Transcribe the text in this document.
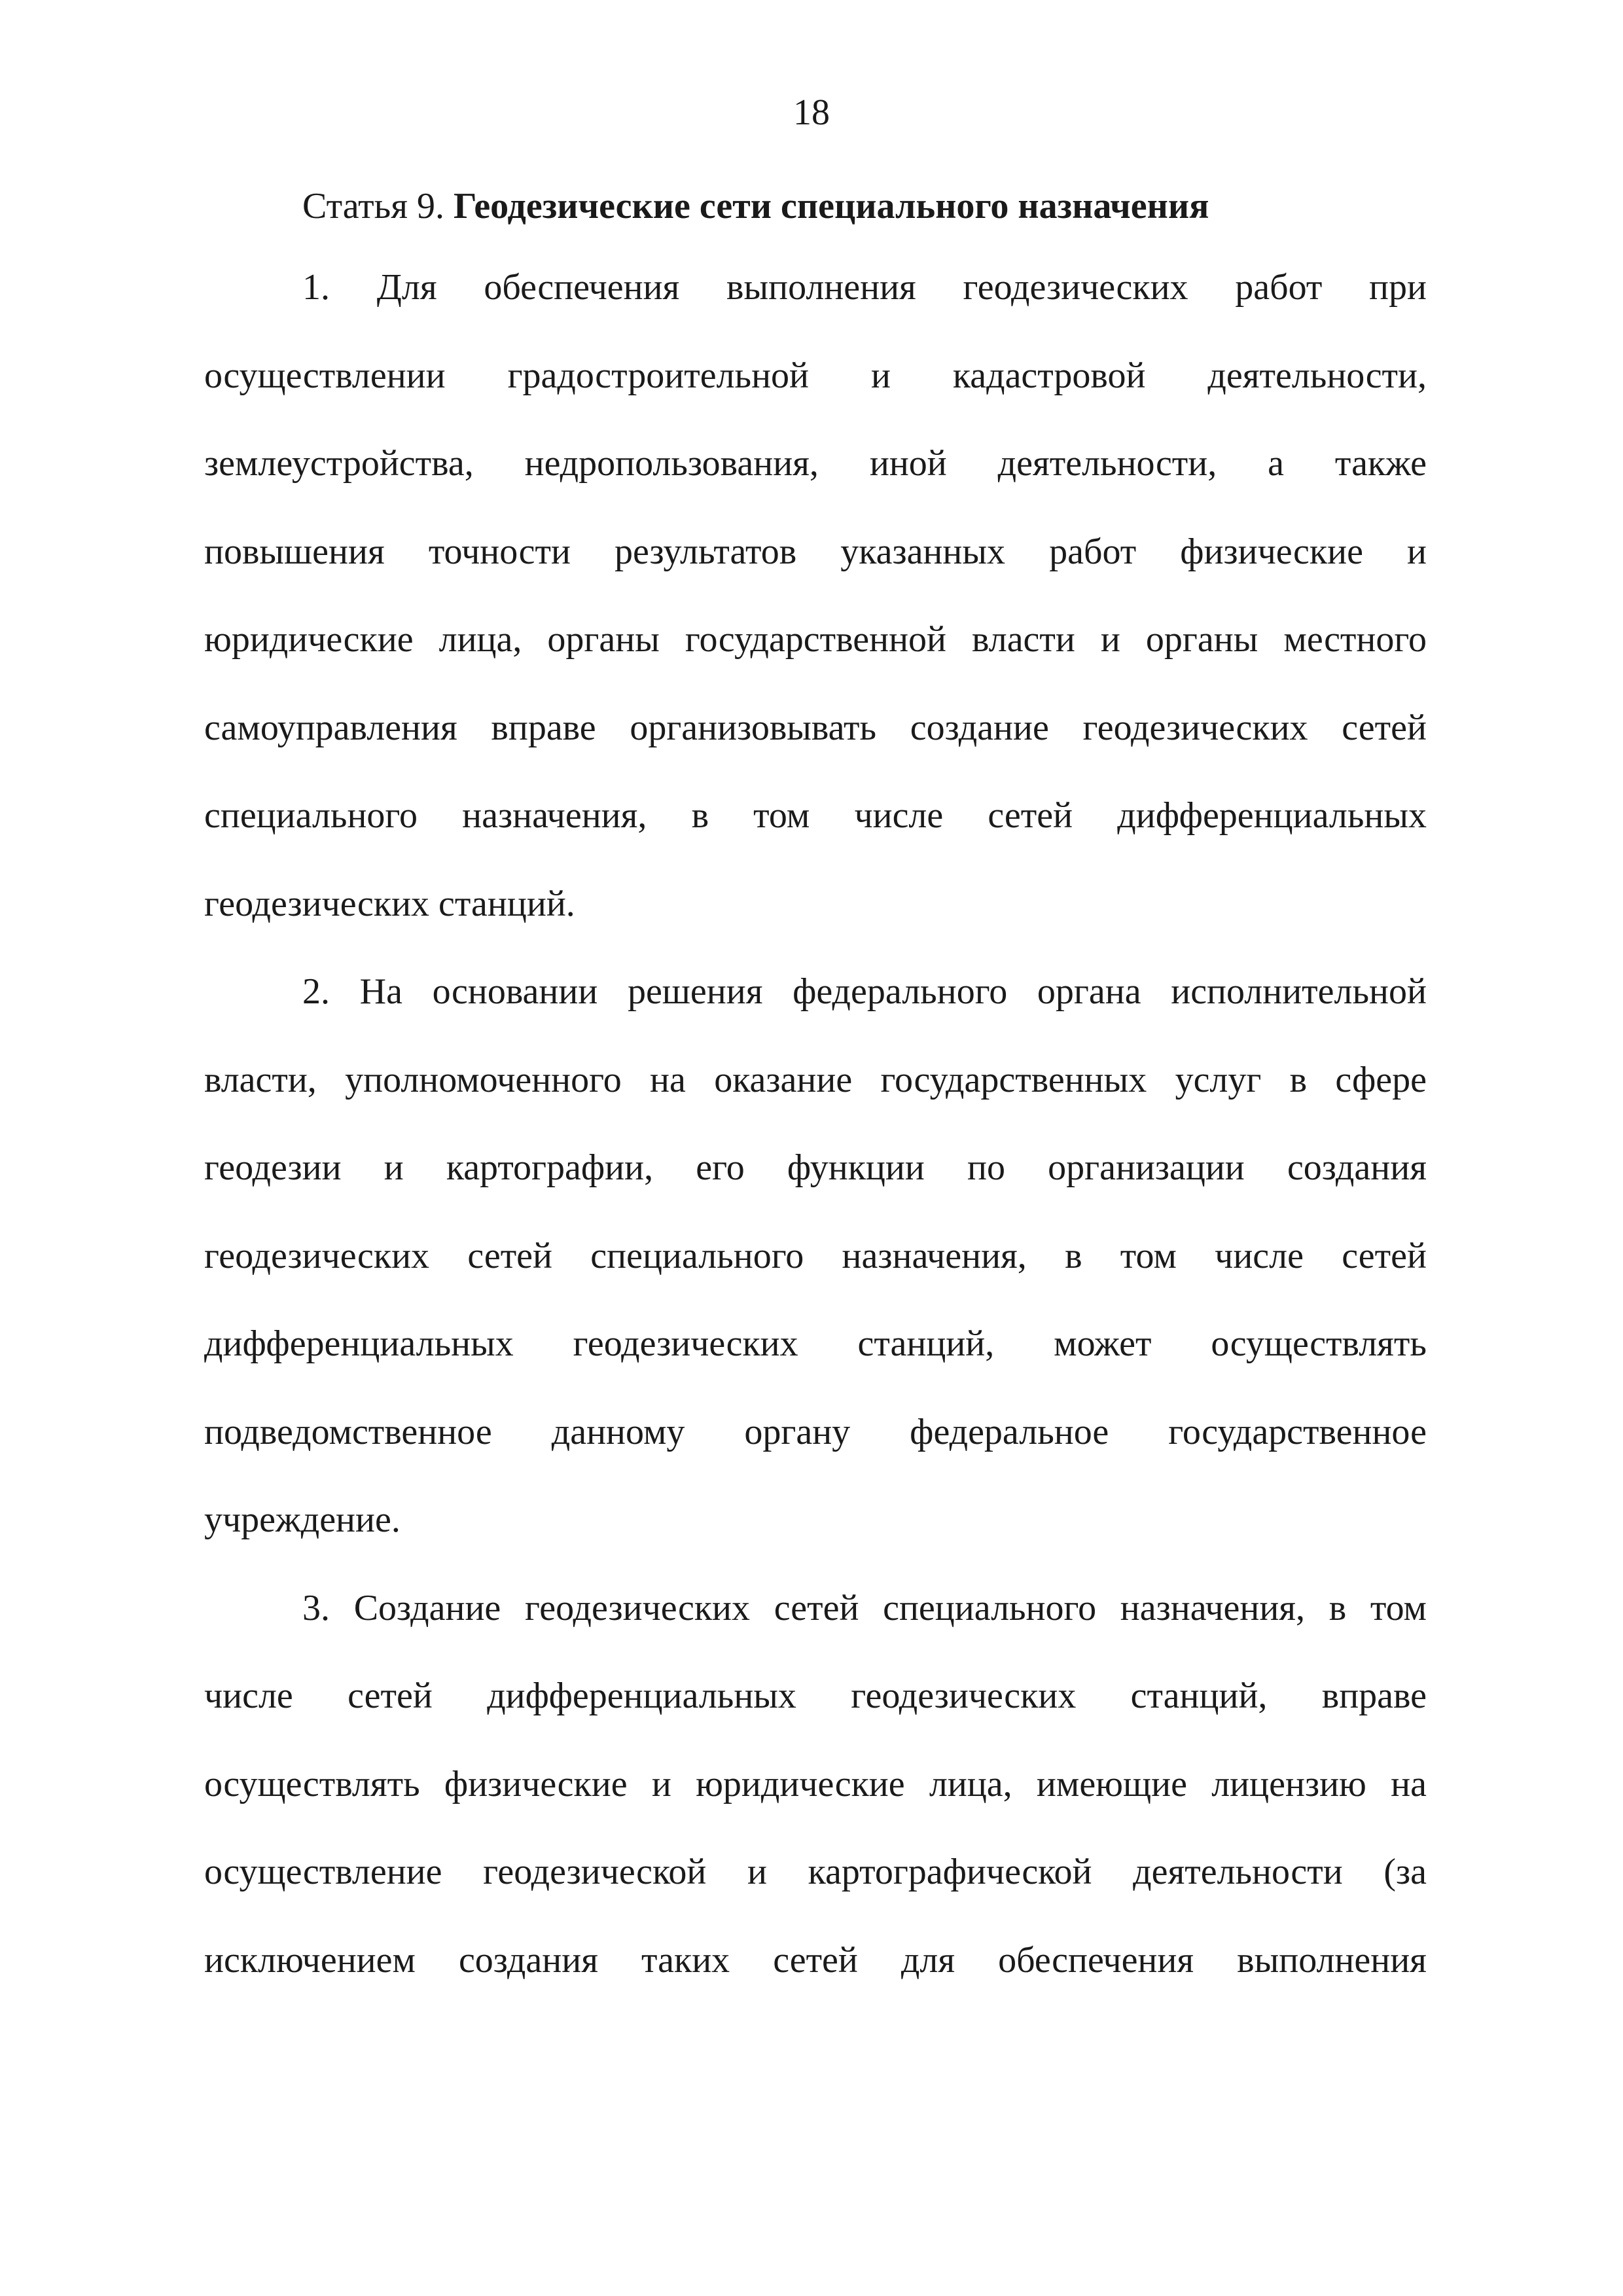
18
Статья 9. Геодезические сети специального назначения
1. Для обеспечения выполнения геодезических работ при
осуществлении градостроительной и кадастровой деятельности,
землеустройства, недропользования, иной деятельности, а также
повышения точности результатов указанных работ физические и
юридические лица, органы государственной власти и органы местного
самоуправления вправе организовывать создание геодезических сетей
специального назначения, в том числе сетей дифференциальных
геодезических станций.
2. На основании решения федерального органа исполнительной
власти, уполномоченного на оказание государственных услуг в сфере
геодезии и картографии, его функции по организации создания
геодезических сетей специального назначения, в том числе сетей
дифференциальных геодезических станций, может осуществлять
подведомственное данному органу федеральное государственное
учреждение.
3. Создание геодезических сетей специального назначения, в том
числе сетей дифференциальных геодезических станций, вправе
осуществлять физические и юридические лица, имеющие лицензию на
осуществление геодезической и картографической деятельности (за
исключением создания таких сетей для обеспечения выполнения
